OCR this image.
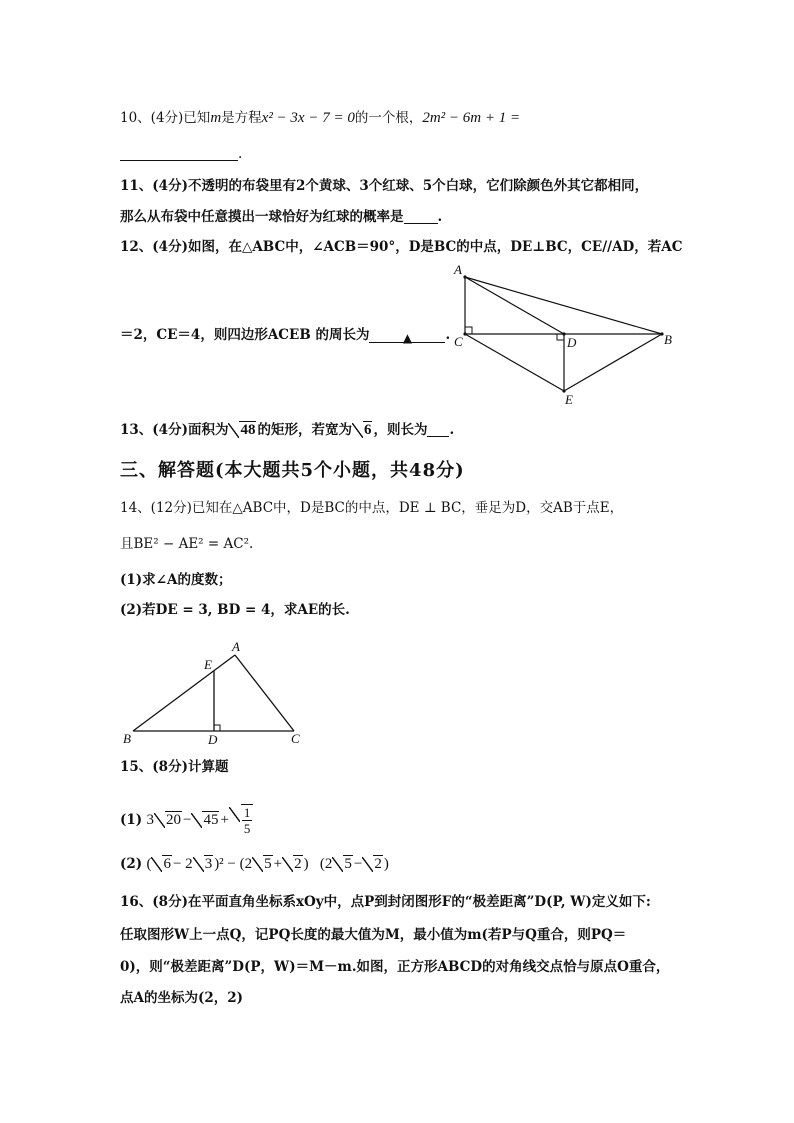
10、(4分)已知m是方程x² − 3x − 7 = 0的一个根，2m² − 6m + 1 =
.
11、(4分)不透明的布袋里有2个黄球、3个红球、5个白球，它们除颜色外其它都相同，
那么从布袋中任意摸出一球恰好为红球的概率是	.
12、(4分)如图，在△ABC中，∠ACB＝90°，D是BC的中点，DE⊥BC，CE//AD，若AC
＝2，CE＝4，则四边形ACEB 的周长为	▲ .
A
C	D	B
E
13、(4分)面积为 48 的矩形，若宽为 6 ，则长为 .
三、解答题(本大题共5个小题，共48分)
14、(12分)已知在△ABC中，D是BC的中点，DE ⊥ BC，垂足为D，交AB于点E，
且BE² − AE² = AC².
(1)求∠A的度数；
(2)若DE = 3, BD = 4，求AE的长.
A
E
B	D	C
15、(8分)计算题
(1) 3 $20 - 45 + \frac{1}{5}$
(2) ( 6 − 2 3 )² − (2 5 + 2 )   (2 5 − 2 )
16、(8分)在平面直角坐标系xOy中，点P到封闭图形F的“极差距离”D(P, W)定义如下:
任取图形W上一点Q，记PQ长度的最大值为M，最小值为m(若P与Q重合，则PQ＝
0)，则“极差距离”D(P，W)＝M－m.如图，正方形ABCD的对角线交点恰与原点O重合，
点A的坐标为(2，2)
